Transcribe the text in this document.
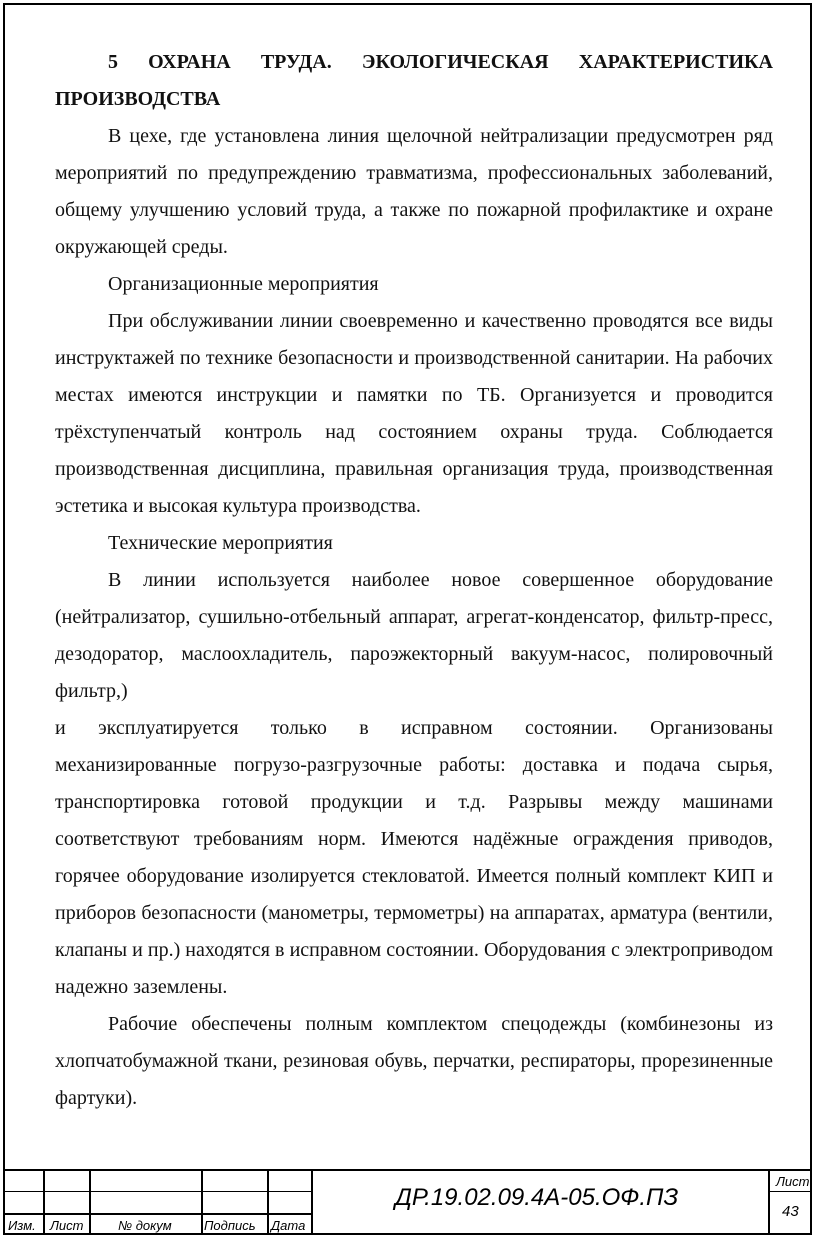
5 ОХРАНА ТРУДА. ЭКОЛОГИЧЕСКАЯ ХАРАКТЕРИСТИКА ПРОИЗВОДСТВА

В цехе, где установлена линия щелочной нейтрализации предусмотрен ряд мероприятий по предупреждению травматизма, профессиональных заболеваний, общему улучшению условий труда, а также по пожарной профилактике и охране окружающей среды.

Организационные мероприятия

При обслуживании линии своевременно и качественно проводятся все виды инструктажей по технике безопасности и производственной санитарии. На рабочих местах имеются инструкции и памятки по ТБ. Организуется и проводится трёхступенчатый контроль над состоянием охраны труда. Соблюдается производственная дисциплина, правильная организация труда, производственная эстетика и высокая культура производства.

Технические мероприятия

В линии используется наиболее новое совершенное оборудование (нейтрализатор, сушильно-отбельный аппарат, агрегат-конденсатор, фильтр-пресс, дезодоратор, маслоохладитель, пароэжекторный вакуум-насос, полировочный фильтр,)

и эксплуатируется только в исправном состоянии. Организованы механизированные погрузо-разгрузочные работы: доставка и подача сырья, транспортировка готовой продукции и т.д. Разрывы между машинами соответствуют требованиям норм. Имеются надёжные ограждения приводов, горячее оборудование изолируется стекловатой. Имеется полный комплект КИП и приборов безопасности (манометры, термометры) на аппаратах, арматура (вентили, клапаны и пр.) находятся в исправном состоянии. Оборудования с электроприводом надежно заземлены.

Рабочие обеспечены полным комплектом спецодежды (комбинезоны из хлопчатобумажной ткани, резиновая обувь, перчатки, респираторы, прорезиненные фартуки).

Изм. Лист	№ докум Подпись Дата
ДР.19.02.09.4А-05.ОФ.ПЗ
Лист
43
